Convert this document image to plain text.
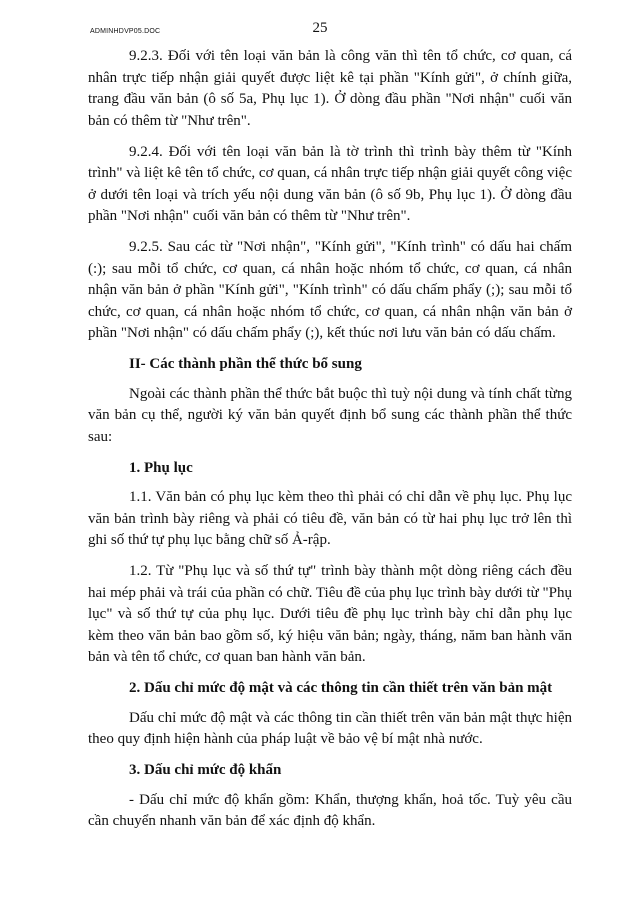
ADMINHDVP05.DOC	25

9.2.3. Đối với tên loại văn bản là công văn thì tên tổ chức, cơ quan, cá nhân trực tiếp nhận giải quyết được liệt kê tại phần "Kính gửi", ở chính giữa, trang đầu văn bản (ô số 5a, Phụ lục 1). Ở dòng đầu phần "Nơi nhận" cuối văn bản có thêm từ "Như trên".

9.2.4. Đối với tên loại văn bản là tờ trình thì trình bày thêm từ "Kính trình" và liệt kê tên tổ chức, cơ quan, cá nhân trực tiếp nhận giải quyết công việc ở dưới tên loại và trích yếu nội dung văn bản (ô số 9b, Phụ lục 1). Ở dòng đầu phần "Nơi nhận" cuối văn bản có thêm từ "Như trên".

9.2.5. Sau các từ "Nơi nhận", "Kính gửi", "Kính trình" có dấu hai chấm (:); sau mỗi tổ chức, cơ quan, cá nhân hoặc nhóm tổ chức, cơ quan, cá nhân nhận văn bản ở phần "Kính gửi", "Kính trình" có dấu chấm phẩy (;); sau mỗi tổ chức, cơ quan, cá nhân hoặc nhóm tổ chức, cơ quan, cá nhân nhận văn bản ở phần "Nơi nhận" có dấu chấm phẩy (;), kết thúc nơi lưu văn bản có dấu chấm.

II- Các thành phần thể thức bổ sung

Ngoài các thành phần thể thức bắt buộc thì tuỳ nội dung và tính chất từng văn bản cụ thể, người ký văn bản quyết định bổ sung các thành phần thể thức sau:

1. Phụ lục

1.1. Văn bản có phụ lục kèm theo thì phải có chỉ dẫn về phụ lục. Phụ lục văn bản trình bày riêng và phải có tiêu đề, văn bản có từ hai phụ lục trở lên thì ghi số thứ tự phụ lục bằng chữ số Ả-rập.

1.2. Từ "Phụ lục và số thứ tự" trình bày thành một dòng riêng cách đều hai mép phải và trái của phần có chữ. Tiêu đề của phụ lục trình bày dưới từ "Phụ lục" và số thứ tự của phụ lục. Dưới tiêu đề phụ lục trình bày chỉ dẫn phụ lục kèm theo văn bản bao gồm số, ký hiệu văn bản; ngày, tháng, năm ban hành văn bản và tên tổ chức, cơ quan ban hành văn bản.

2. Dấu chỉ mức độ mật và các thông tin cần thiết trên văn bản mật

Dấu chỉ mức độ mật và các thông tin cần thiết trên văn bản mật thực hiện theo quy định hiện hành của pháp luật về bảo vệ bí mật nhà nước.

3. Dấu chỉ mức độ khẩn

- Dấu chỉ mức độ khẩn gồm: Khẩn, thượng khẩn, hoả tốc. Tuỳ yêu cầu cần chuyển nhanh văn bản để xác định độ khẩn.
